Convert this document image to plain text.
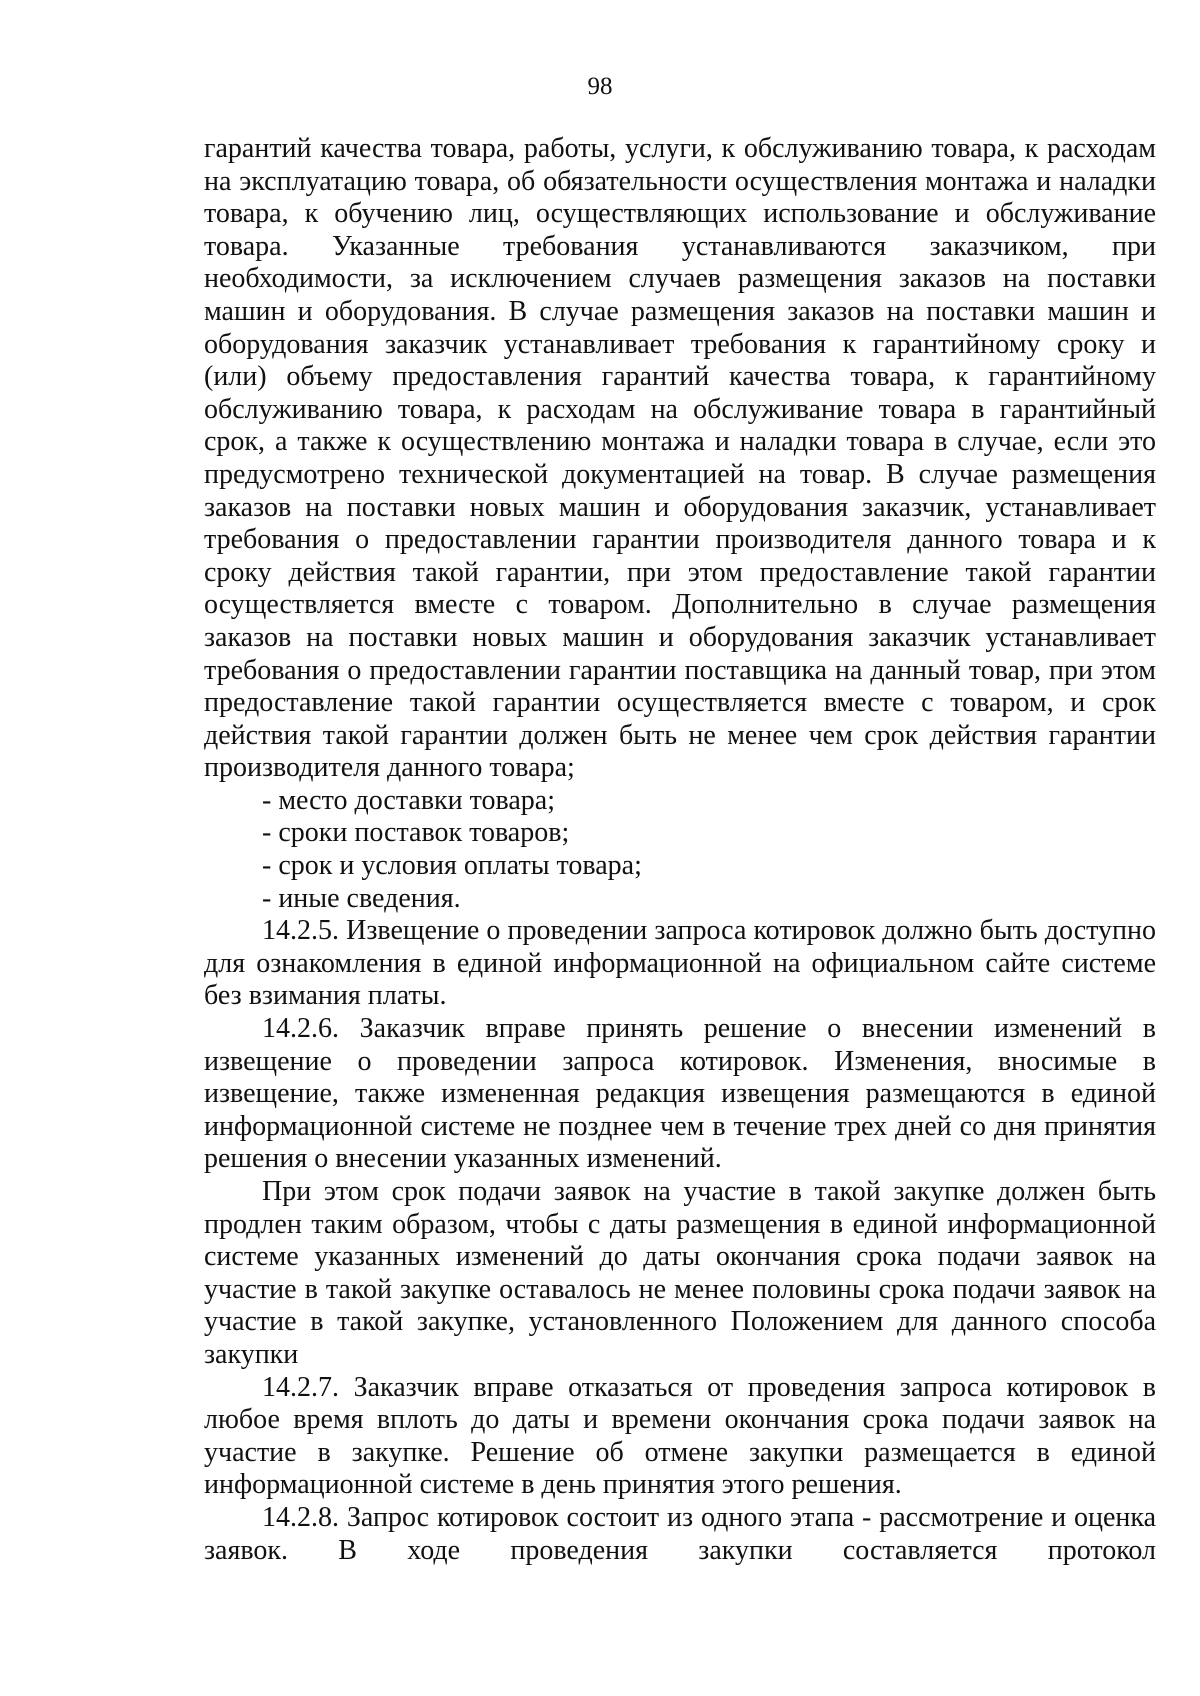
98

гарантий качества товара, работы, услуги, к обслуживанию товара, к расходам на эксплуатацию товара, об обязательности осуществления монтажа и наладки товара, к обучению лиц, осуществляющих использование и обслуживание товара. Указанные требования устанавливаются заказчиком, при необходимости, за исключением случаев размещения заказов на поставки машин и оборудования. В случае размещения заказов на поставки машин и оборудования заказчик устанавливает требования к гарантийному сроку и (или) объему предоставления гарантий качества товара, к гарантийному обслуживанию товара, к расходам на обслуживание товара в гарантийный срок, а также к осуществлению монтажа и наладки товара в случае, если это предусмотрено технической документацией на товар. В случае размещения заказов на поставки новых машин и оборудования заказчик, устанавливает требования о предоставлении гарантии производителя данного товара и к сроку действия такой гарантии, при этом предоставление такой гарантии осуществляется вместе с товаром. Дополнительно в случае размещения заказов на поставки новых машин и оборудования заказчик устанавливает требования о предоставлении гарантии поставщика на данный товар, при этом предоставление такой гарантии осуществляется вместе с товаром, и срок действия такой гарантии должен быть не менее чем срок действия гарантии производителя данного товара;

- место доставки товара;

- сроки поставок товаров;

- срок и условия оплаты товара;

- иные сведения.

14.2.5. Извещение о проведении запроса котировок должно быть доступно для ознакомления в единой информационной на официальном сайте системе без взимания платы.

14.2.6. Заказчик вправе принять решение о внесении изменений в извещение о проведении запроса котировок. Изменения, вносимые в извещение, также измененная редакция извещения размещаются в единой информационной системе не позднее чем в течение трех дней со дня принятия решения о внесении указанных изменений.

При этом срок подачи заявок на участие в такой закупке должен быть продлен таким образом, чтобы с даты размещения в единой информационной системе указанных изменений до даты окончания срока подачи заявок на участие в такой закупке оставалось не менее половины срока подачи заявок на участие в такой закупке, установленного Положением для данного способа закупки

14.2.7. Заказчик вправе отказаться от проведения запроса котировок в любое время вплоть до даты и времени окончания срока подачи заявок на участие в закупке. Решение об отмене закупки размещается в единой информационной системе в день принятия этого решения.

14.2.8. Запрос котировок состоит из одного этапа - рассмотрение и оценка заявок. В ходе проведения закупки составляется протокол
